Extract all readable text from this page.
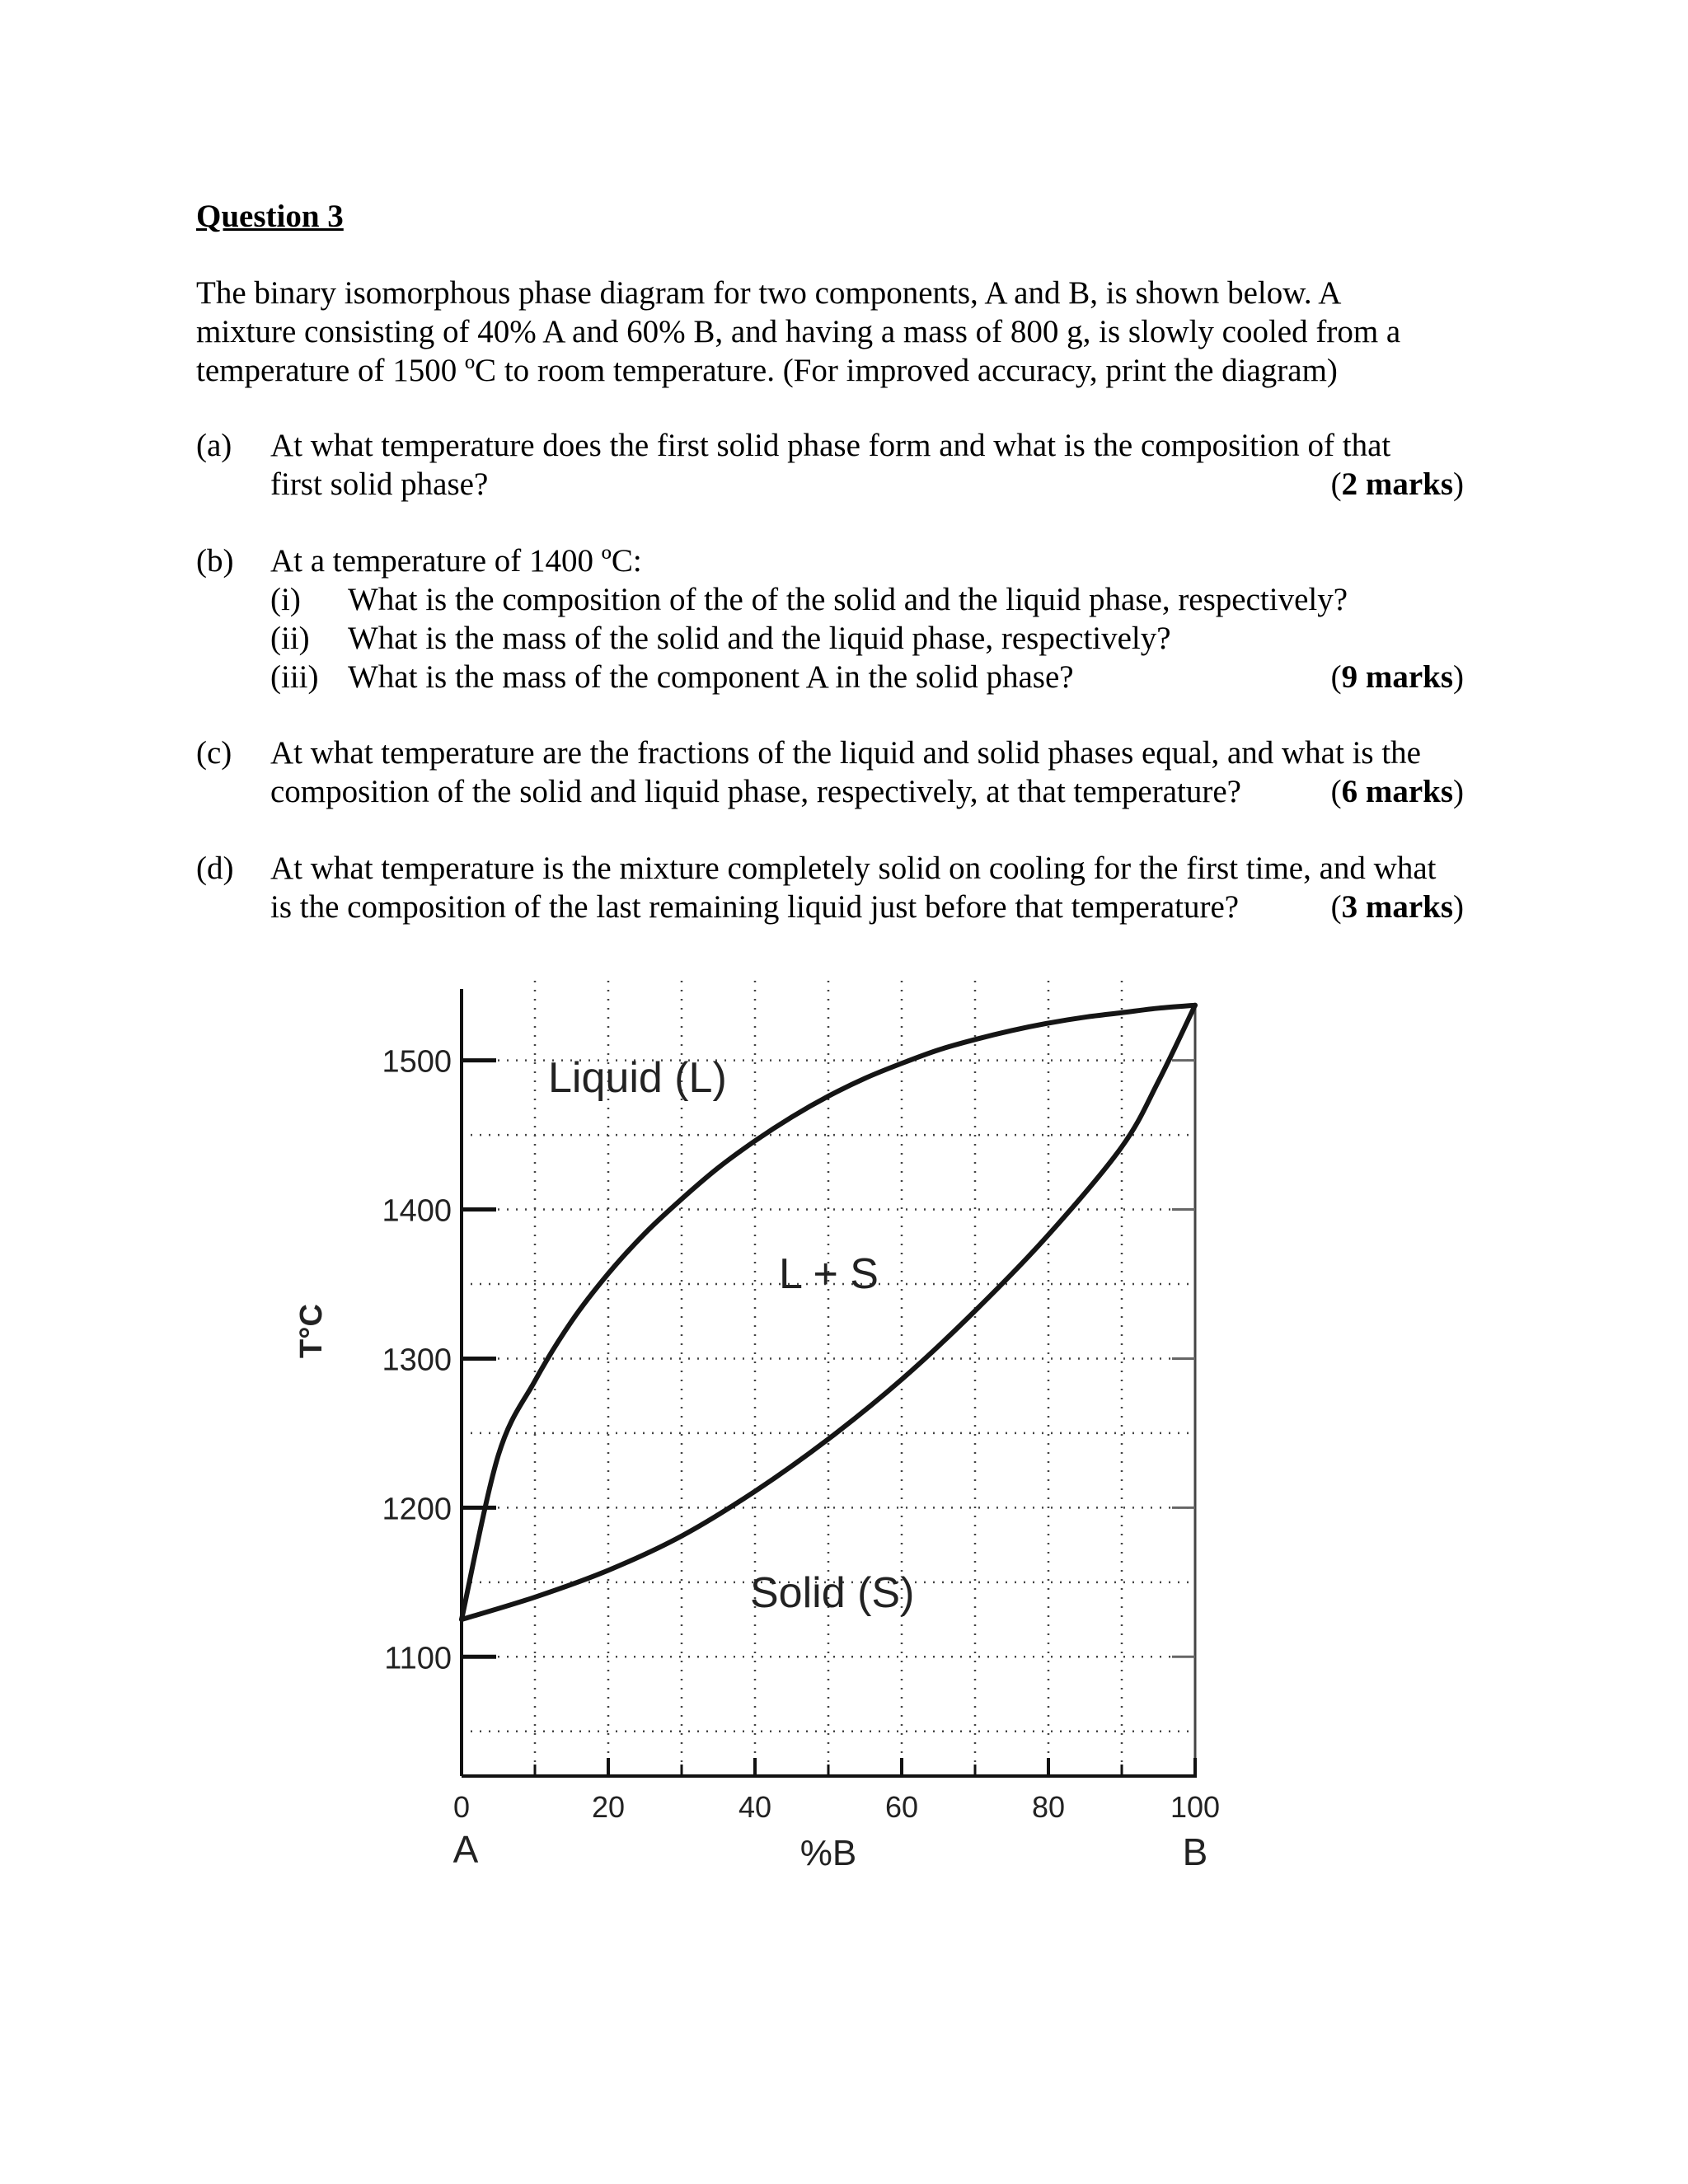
Question 3
The binary isomorphous phase diagram for two components, A and B, is shown below. A
mixture consisting of 40% A and 60% B, and having a mass of 800 g, is slowly cooled from a
temperature of 1500 ºC to room temperature. (For improved accuracy, print the diagram)
(a) At what temperature does the first solid phase form and what is the composition of that
first solid phase?	(2 marks)
(b) At a temperature of 1400 ºC:
(i) What is the composition of the of the solid and the liquid phase, respectively?
(ii) What is the mass of the solid and the liquid phase, respectively?
(iii) What is the mass of the component A in the solid phase?	(9 marks)
(c) At what temperature are the fractions of the liquid and solid phases equal, and what is the
composition of the solid and liquid phase, respectively, at that temperature?	(6 marks)
(d) At what temperature is the mixture completely solid on cooling for the first time, and what
is the composition of the last remaining liquid just before that temperature?	(3 marks)
1500
1400
1300
1200
1100
0	20	40	60	80	100
T°C
%B
A	B
Liquid (L)
L + S
Solid (S)
